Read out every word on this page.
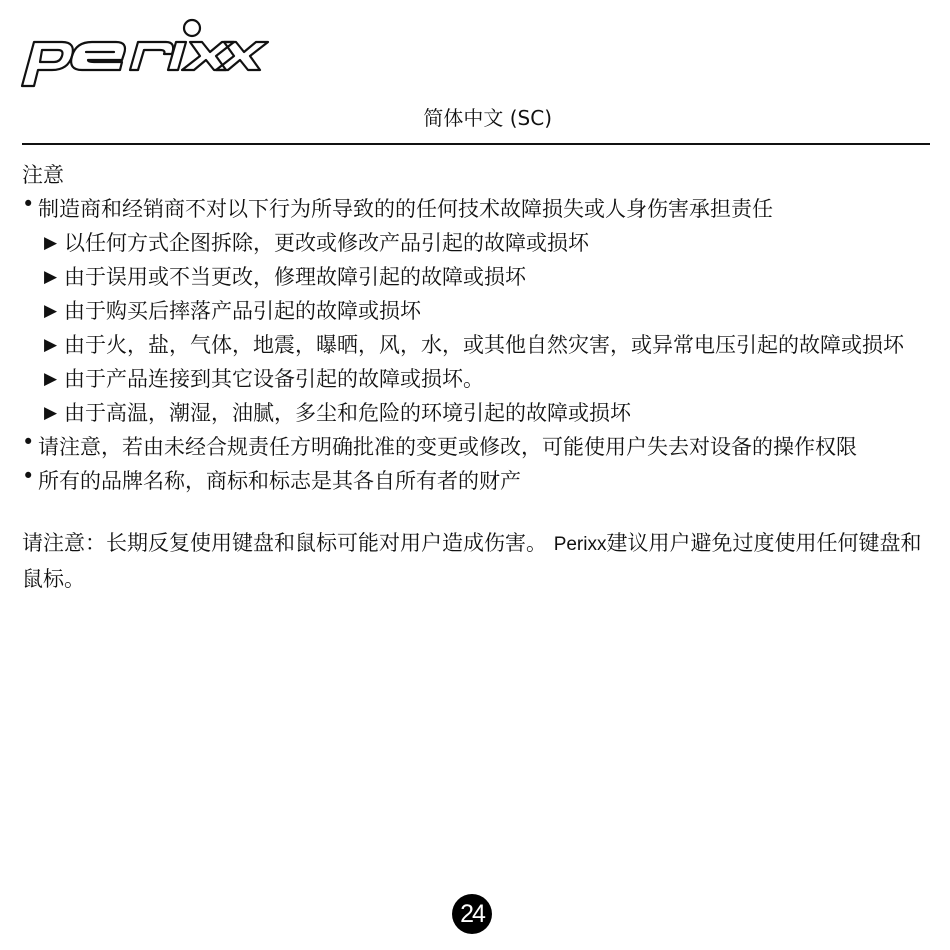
简体中文 (SC)
注意
• 制造商和经销商不对以下行为所导致的的任何技术故障损失或人身伤害承担责任
▶ 以任何方式企图拆除，更改或修改产品引起的故障或损坏
▶ 由于误用或不当更改，修理故障引起的故障或损坏
▶ 由于购买后摔落产品引起的故障或损坏
▶ 由于火，盐，气体，地震，曝晒，风，水，或其他自然灾害，或异常电压引起的故障或损坏
▶ 由于产品连接到其它设备引起的故障或损坏。
▶ 由于高温，潮湿，油腻，多尘和危险的环境引起的故障或损坏
• 请注意，若由未经合规责任方明确批准的变更或修改，可能使用户失去对设备的操作权限
• 所有的品牌名称，商标和标志是其各自所有者的财产
请注意：长期反复使用键盘和鼠标可能对用户造成伤害。 Perixx建议用户避免过度使用任何键盘和鼠标。
24
